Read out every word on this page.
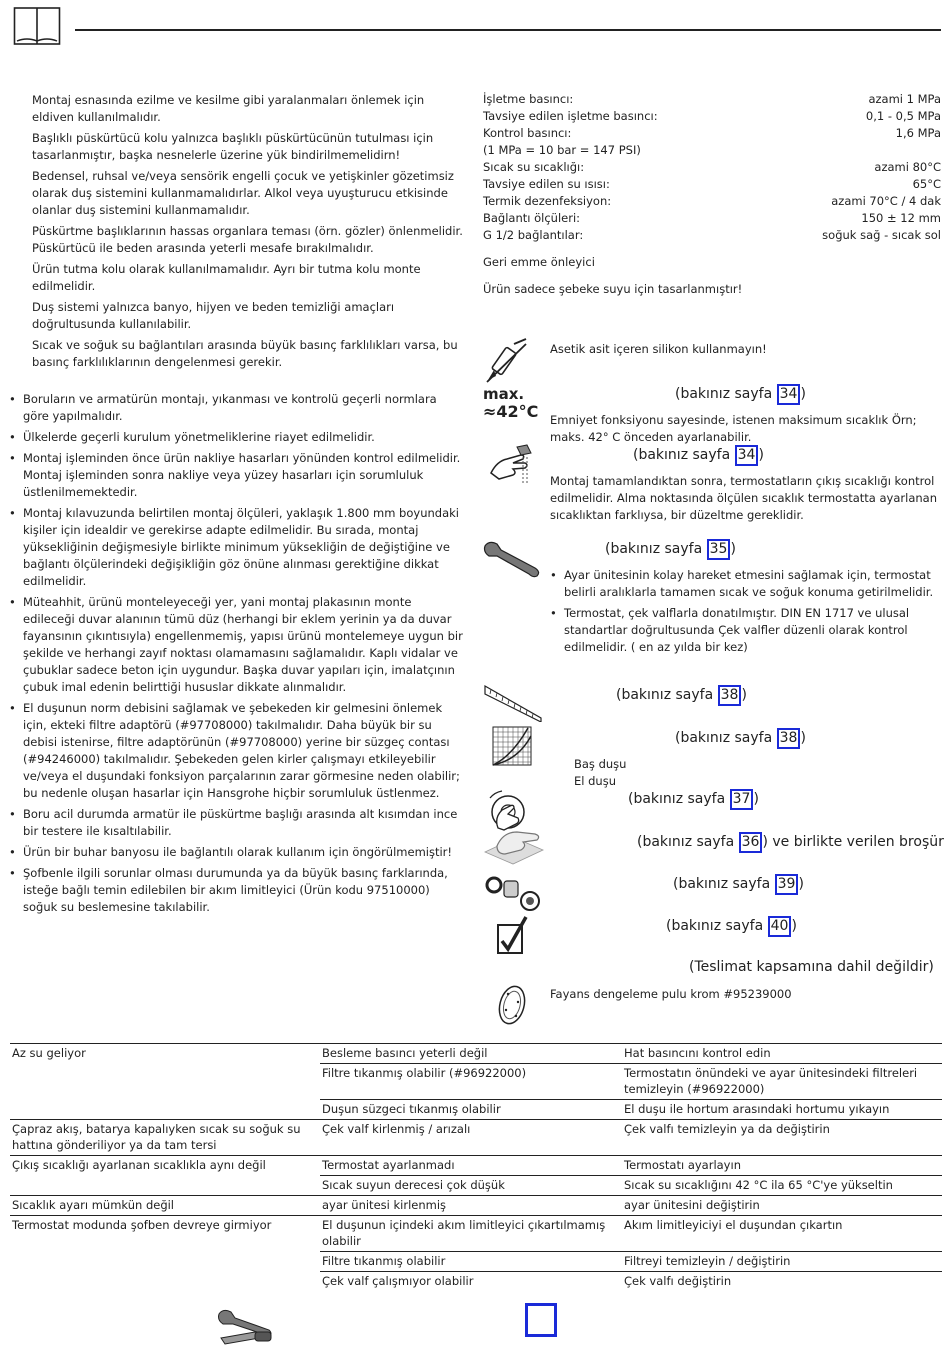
Montaj esnasında ezilme ve kesilme gibi yaralanmaları önlemek için eldiven kullanılmalıdır.
Başlıklı püskürtücü kolu yalnızca başlıklı püskürtücünün tutulması için tasarlanmıştır, başka nesnelerle üzerine yük bindirilmemelidirn!
Bedensel, ruhsal ve/veya sensörik engelli çocuk ve yetişkinler gözetimsiz olarak duş sistemini kullanmamalıdırlar. Alkol veya uyuşturucu etkisinde olanlar duş sistemini kullanmamalıdır.
Püskürtme başlıklarının hassas organlara teması (örn. gözler) önlenmelidir. Püskürtücü ile beden arasında yeterli mesafe bırakılmalıdır.
Ürün tutma kolu olarak kullanılmamalıdır. Ayrı bir tutma kolu monte edilmelidir.
Duş sistemi yalnızca banyo, hijyen ve beden temizliği amaçları doğrultusunda kullanılabilir.
Sıcak ve soğuk su bağlantıları arasında büyük basınç farklılıkları varsa, bu basınç farklılıklarının dengelenmesi gerekir.
• Boruların ve armatürün montajı, yıkanması ve kontrolü geçerli normlara göre yapılmalıdır.
• Ülkelerde geçerli kurulum yönetmeliklerine riayet edilmelidir.
• Montaj işleminden önce ürün nakliye hasarları yönünden kontrol edilmelidir. Montaj işleminden sonra nakliye veya yüzey hasarları için sorumluluk üstlenilmemektedir.
• Montaj kılavuzunda belirtilen montaj ölçüleri, yaklaşık 1.800 mm boyundaki kişiler için idealdir ve gerekirse adapte edilmelidir. Bu sırada, montaj yüksekliğinin değişmesiyle birlikte minimum yüksekliğin de değiştiğine ve bağlantı ölçülerindeki değişikliğin göz önüne alınması gerektiğine dikkat edilmelidir.
• Müteahhit, ürünü monteleyeceği yer, yani montaj plakasının monte edileceği duvar alanının tümü düz (herhangi bir eklem yerinin ya da duvar fayansının çıkıntısıyla) engellenmemiş, yapısı ürünü montelemeye uygun bir şekilde ve herhangi zayıf noktası olamamasını sağlamalıdır. Kaplı vidalar ve çubuklar sadece beton için uygundur. Başka duvar yapıları için, imalatçının çubuk imal edenin belirttiği hususlar dikkate alınmalıdır.
• El duşunun norm debisini sağlamak ve şebekeden kir gelmesini önlemek için, ekteki filtre adaptörü (#97708000) takılmalıdır. Daha büyük bir su debisi istenirse, filtre adaptörünün (#97708000) yerine bir süzgeç contası (#94246000) takılmalıdır. Şebekeden gelen kirler çalışmayı etkileyebilir ve/veya el duşundaki fonksiyon parçalarının zarar görmesine neden olabilir; bu nedenle oluşan hasarlar için Hansgrohe hiçbir sorumluluk üstlenmez.
• Boru acil durumda armatür ile püskürtme başlığı arasında alt kısımdan ince bir testere ile kısaltılabilir.
• Ürün bir buhar banyosu ile bağlantılı olarak kullanım için öngörülmemiştir!
• Şofbenle ilgili sorunlar olması durumunda ya da büyük basınç farklarında, isteğe bağlı temin edilebilen bir akım limitleyici (Ürün kodu 97510000) soğuk su beslemesine takılabilir.
İşletme basıncı:	azami 1 MPa
Tavsiye edilen işletme basıncı:	0,1 - 0,5 MPa
Kontrol basıncı:	1,6 MPa
(1 MPa = 10 bar = 147 PSI)
Sıcak su sıcaklığı:	azami 80°C
Tavsiye edilen su ısısı:	65°C
Termik dezenfeksiyon:	azami 70°C / 4 dak
Bağlantı ölçüleri:	150 ± 12 mm
G 1/2 bağlantılar:	soğuk sağ - sıcak sol
Geri emme önleyici
Ürün sadece şebeke suyu için tasarlanmıştır!
Asetik asit içeren silikon kullanmayın!
max.
≈42°C
(bakınız sayfa 34 )
Emniyet fonksiyonu sayesinde, istenen maksimum sıcaklık Örn; maks. 42° C önceden ayarlanabilir.
(bakınız sayfa 34 )
Montaj tamamlandıktan sonra, termostatların çıkış sıcaklığı kontrol edilmelidir. Alma noktasında ölçülen sıcaklık termostatta ayarlanan sıcaklıktan farklıysa, bir düzeltme gereklidir.
(bakınız sayfa 35 )
• Ayar ünitesinin kolay hareket etmesini sağlamak için, termostat belirli aralıklarla tamamen sıcak ve soğuk konuma getirilmelidir.
• Termostat, çek valflarla donatılmıştır. DIN EN 1717 ve ulusal standartlar doğrultusunda Çek valfler düzenli olarak kontrol edilmelidir. ( en az yılda bir kez)
(bakınız sayfa 38 )
(bakınız sayfa 38 )
Baş duşu
El duşu
(bakınız sayfa 37 )
(bakınız sayfa 36 ) ve birlikte verilen broşür
(bakınız sayfa 39 )
(bakınız sayfa 40 )
(Teslimat kapsamına dahil değildir)
Fayans dengeleme pulu krom #95239000
Az su geliyor	Besleme basıncı yeterli değil	Hat basıncını kontrol edin
	Filtre tıkanmış olabilir (#96922000)	Termostatın önündeki ve ayar ünitesindeki filtreleri temizleyin (#96922000)
	Duşun süzgeci tıkanmış olabilir	El duşu ile hortum arasındaki hortumu yıkayın
Çapraz akış, batarya kapalıyken sıcak su soğuk su hattına gönderiliyor ya da tam tersi	Çek valf kirlenmiş / arızalı	Çek valfı temizleyin ya da değiştirin
Çıkış sıcaklığı ayarlanan sıcaklıkla aynı değil	Termostat ayarlanmadı	Termostatı ayarlayın
	Sıcak suyun derecesi çok düşük	Sıcak su sıcaklığını 42 °C ila 65 °C'ye yükseltin
Sıcaklık ayarı mümkün değil	ayar ünitesi kirlenmiş	ayar ünitesini değiştirin
Termostat modunda şofben devreye girmiyor	El duşunun içindeki akım limitleyici çıkartılmamış olabilir	Akım limitleyiciyi el duşundan çıkartın
	Filtre tıkanmış olabilir	Filtreyi temizleyin / değiştirin
	Çek valf çalışmıyor olabilir	Çek valfı değiştirin
